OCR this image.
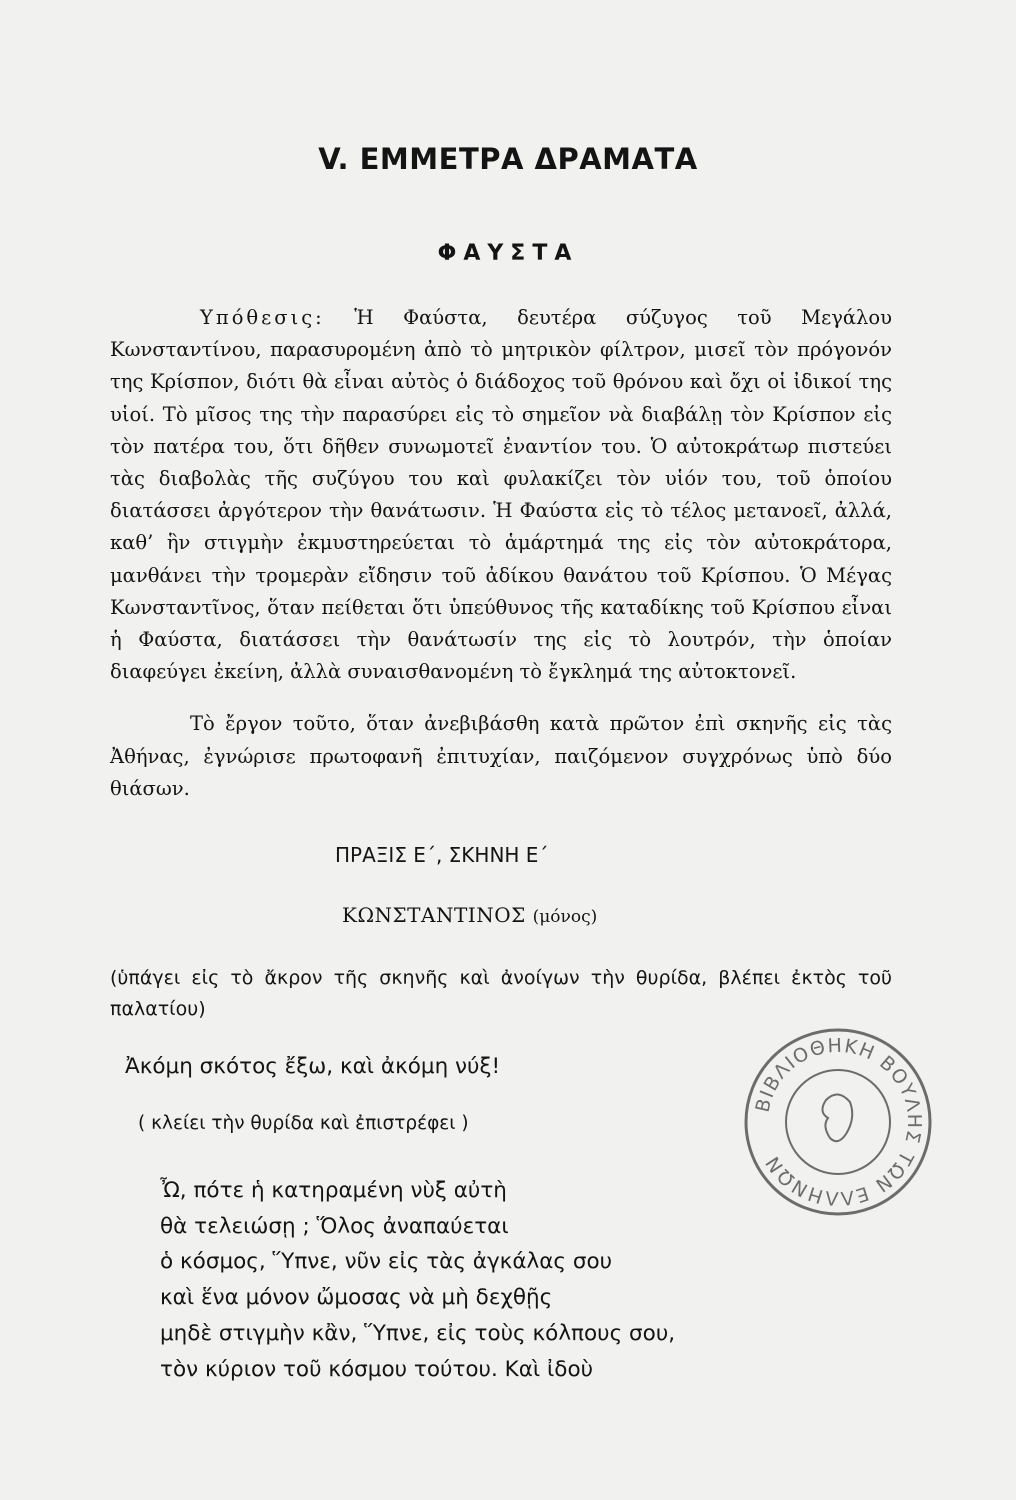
V. ΕΜΜΕΤΡΑ ΔΡΑΜΑΤΑ
ΦΑΥΣΤΑ

Υπόθεσις: Ἡ Φαύστα, δευτέρα σύζυγος τοῦ Μεγάλου Κωνσταντίνου, παρασυρομένη ἀπὸ τὸ μητρικὸν φίλτρον, μισεῖ τὸν πρόγονόν της Κρίσπον, διότι θὰ εἶναι αὐτὸς ὁ διάδοχος τοῦ θρόνου καὶ ὄχι οἱ ἰδικοί της υἱοί. Τὸ μῖσος της τὴν παρασύρει εἰς τὸ σημεῖον νὰ διαβάλῃ τὸν Κρίσπον εἰς τὸν πατέρα του, ὅτι δῆθεν συνωμοτεῖ ἐναντίον του. Ὁ αὐτοκράτωρ πιστεύει τὰς διαβολὰς τῆς συζύγου του καὶ φυλακίζει τὸν υἱόν του, τοῦ ὁποίου διατάσσει ἀργότερον τὴν θανάτωσιν. Ἡ Φαύστα εἰς τὸ τέλος μετανοεῖ, ἀλλά, καθ’ ἣν στιγμὴν ἐκμυστηρεύεται τὸ ἁμάρτημά της εἰς τὸν αὐτοκράτορα, μανθάνει τὴν τρομερὰν εἴδησιν τοῦ ἀδίκου θανάτου τοῦ Κρίσπου. Ὁ Μέγας Κωνσταντῖνος, ὅταν πείθεται ὅτι ὑπεύθυνος τῆς καταδίκης τοῦ Κρίσπου εἶναι ἡ Φαύστα, διατάσσει τὴν θανάτωσίν της εἰς τὸ λουτρόν, τὴν ὁποίαν διαφεύγει ἐκείνη, ἀλλὰ συναισθανομένη τὸ ἔγκλημά της αὐτοκτονεῖ.

Τὸ ἔργον τοῦτο, ὅταν ἀνεβιβάσθη κατὰ πρῶτον ἐπὶ σκηνῆς εἰς τὰς Ἀθήνας, ἐγνώρισε πρωτοφανῆ ἐπιτυχίαν, παιζόμενον συγχρόνως ὑπὸ δύο θιάσων.

ΠΡΑΞΙΣ Ε΄, ΣΚΗΝΗ Ε΄

ΚΩΝΣΤΑΝΤΙΝΟΣ (μόνος)

(ὑπάγει εἰς τὸ ἄκρον τῆς σκηνῆς καὶ ἀνοίγων τὴν θυρίδα, βλέπει ἐκτὸς τοῦ παλατίου)

Ἀκόμη σκότος ἔξω, καὶ ἀκόμη νύξ!

( κλείει τὴν θυρίδα καὶ ἐπιστρέφει )

Ὦ, πότε ἡ κατηραμένη νὺξ αὐτὴ
θὰ τελειώσῃ ; Ὅλος ἀναπαύεται
ὁ κόσμος, Ὕπνε, νῦν εἰς τὰς ἀγκάλας σου
καὶ ἕνα μόνον ὤμοσας νὰ μὴ δεχθῇς
μηδὲ στιγμὴν κἂν, Ὕπνε, εἰς τοὺς κόλπους σου,
τὸν κύριον τοῦ κόσμου τούτου. Καὶ ἰδοὺ
ΒΙΒΛΙΟΘΗΚΗ ΒΟΥΛΗΣ ΤΩΝ ΕΛΛΗΝΩΝ
